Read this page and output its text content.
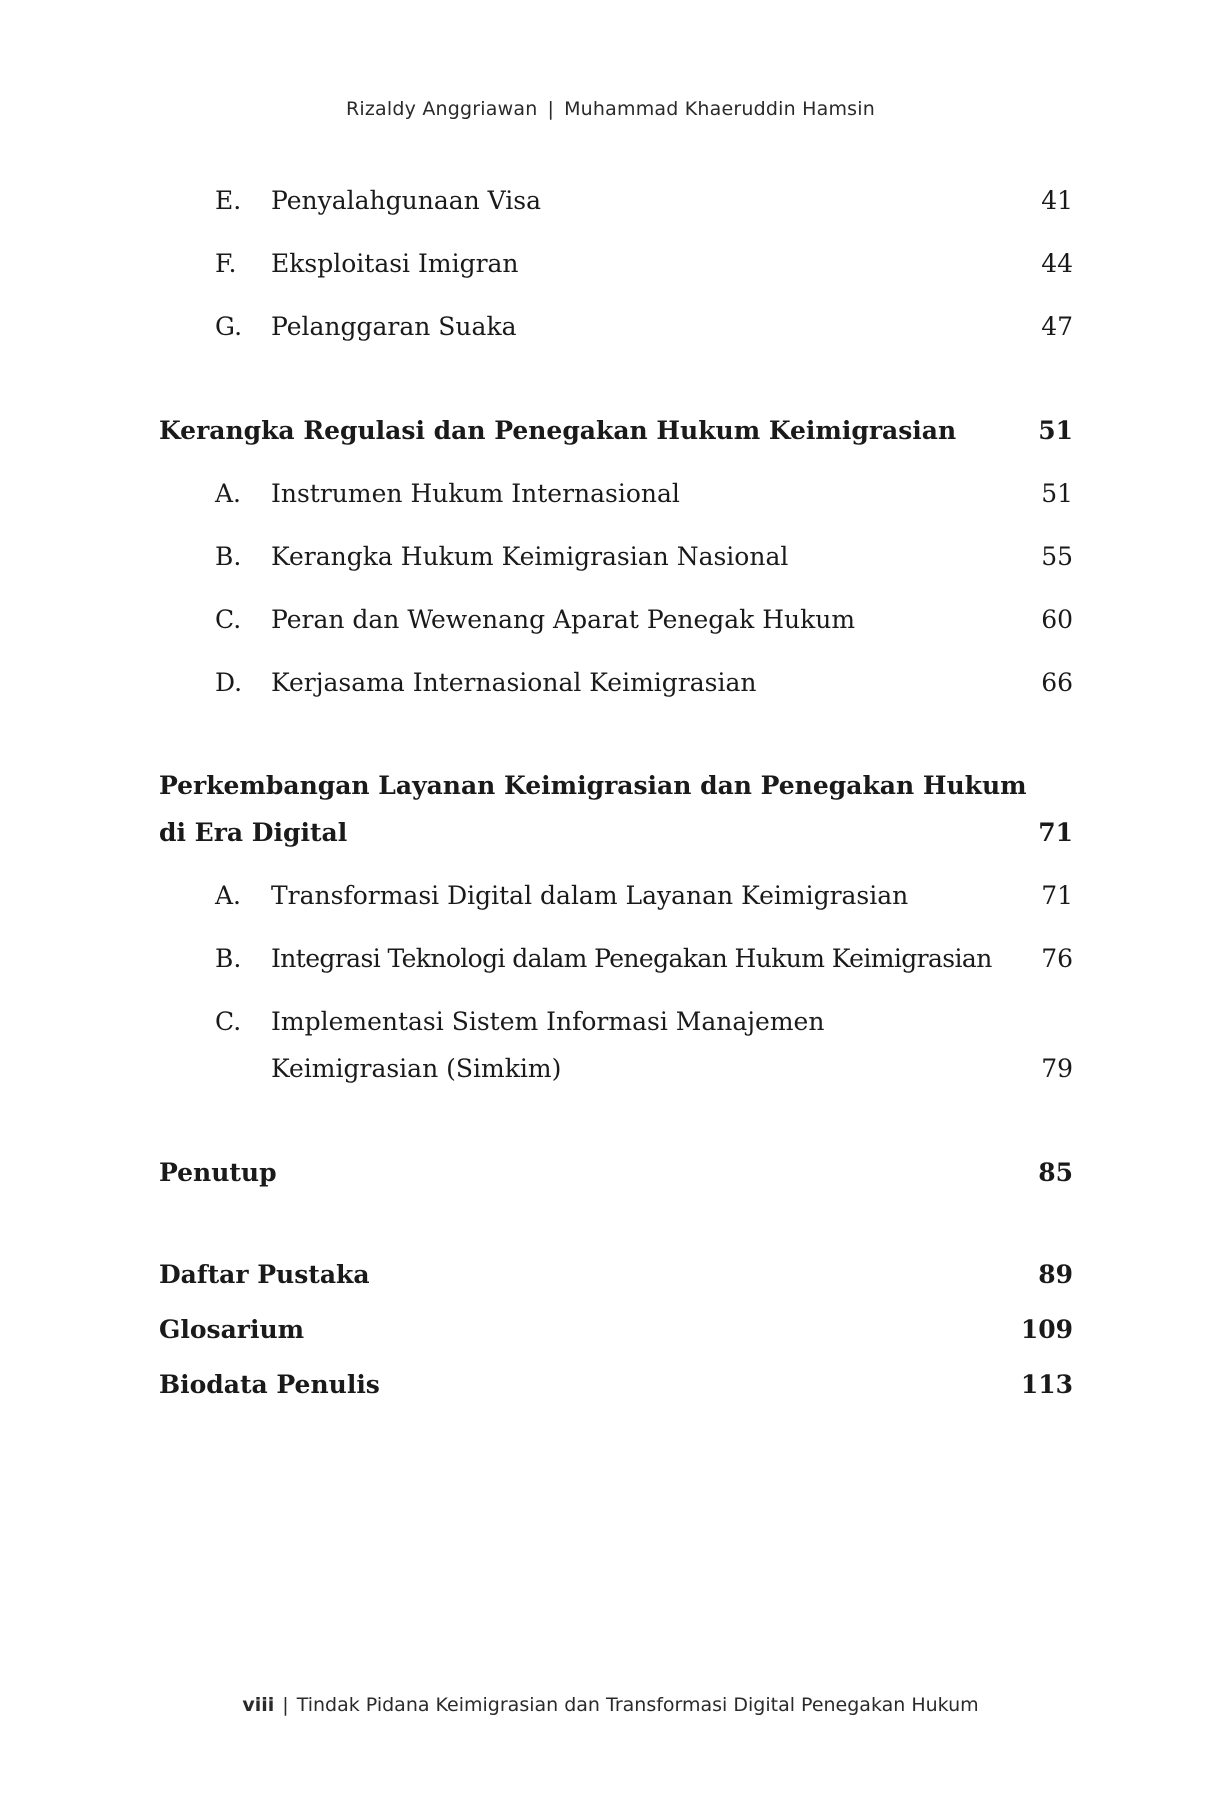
Rizaldy Anggriawan | Muhammad Khaeruddin Hamsin
E.	Penyalahgunaan Visa	41
F.	Eksploitasi Imigran	44
G.	Pelanggaran Suaka	47
Kerangka Regulasi dan Penegakan Hukum Keimigrasian	51
A.	Instrumen Hukum Internasional	51
B.	Kerangka Hukum Keimigrasian Nasional	55
C.	Peran dan Wewenang Aparat Penegak Hukum	60
D.	Kerjasama Internasional Keimigrasian	66
Perkembangan Layanan Keimigrasian dan Penegakan Hukum
di Era Digital	71
A.	Transformasi Digital dalam Layanan Keimigrasian	71
B.	Integrasi Teknologi dalam Penegakan Hukum Keimigrasian 76
C.	Implementasi Sistem Informasi Manajemen
Keimigrasian (Simkim)	79
Penutup	85
Daftar Pustaka	89
Glosarium	109
Biodata Penulis	113
viii | Tindak Pidana Keimigrasian dan Transformasi Digital Penegakan Hukum
